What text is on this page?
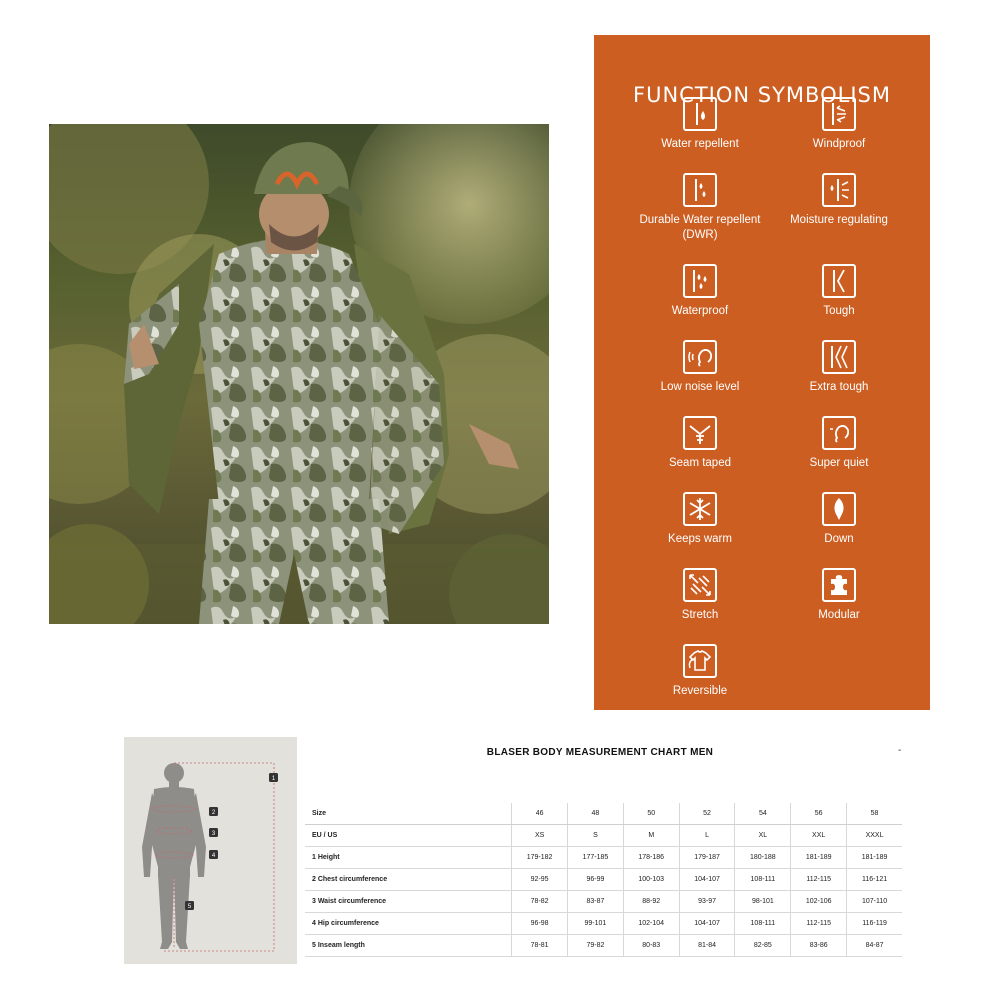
FUNCTION SYMBOLISM
Water repellent	Windproof
Durable Water repellent (DWR)
Moisture regulating
Waterproof	Tough
Low noise level	Extra tough
Seam taped	Super quiet
Keeps warm	Down
Stretch	Modular
Reversible
1
2
3
4
5
BLASER BODY MEASUREMENT CHART MEN	-
Size	46	48	50	52	54	56	58
EU / US	XS	S	M	L	XL	XXL	XXXL
1 Height	179-182	177-185	178-186	179-187	180-188	181-189	181-189
2 Chest circumference	92-95	96-99	100-103	104-107	108-111	112-115	116-121
3 Waist circumference	78-82	83-87	88-92	93-97	98-101	102-106	107-110
4 Hip circumference	96-98	99-101	102-104	104-107	108-111	112-115	116-119
5 Inseam length	78-81	79-82	80-83	81-84	82-85	83-86	84-87
